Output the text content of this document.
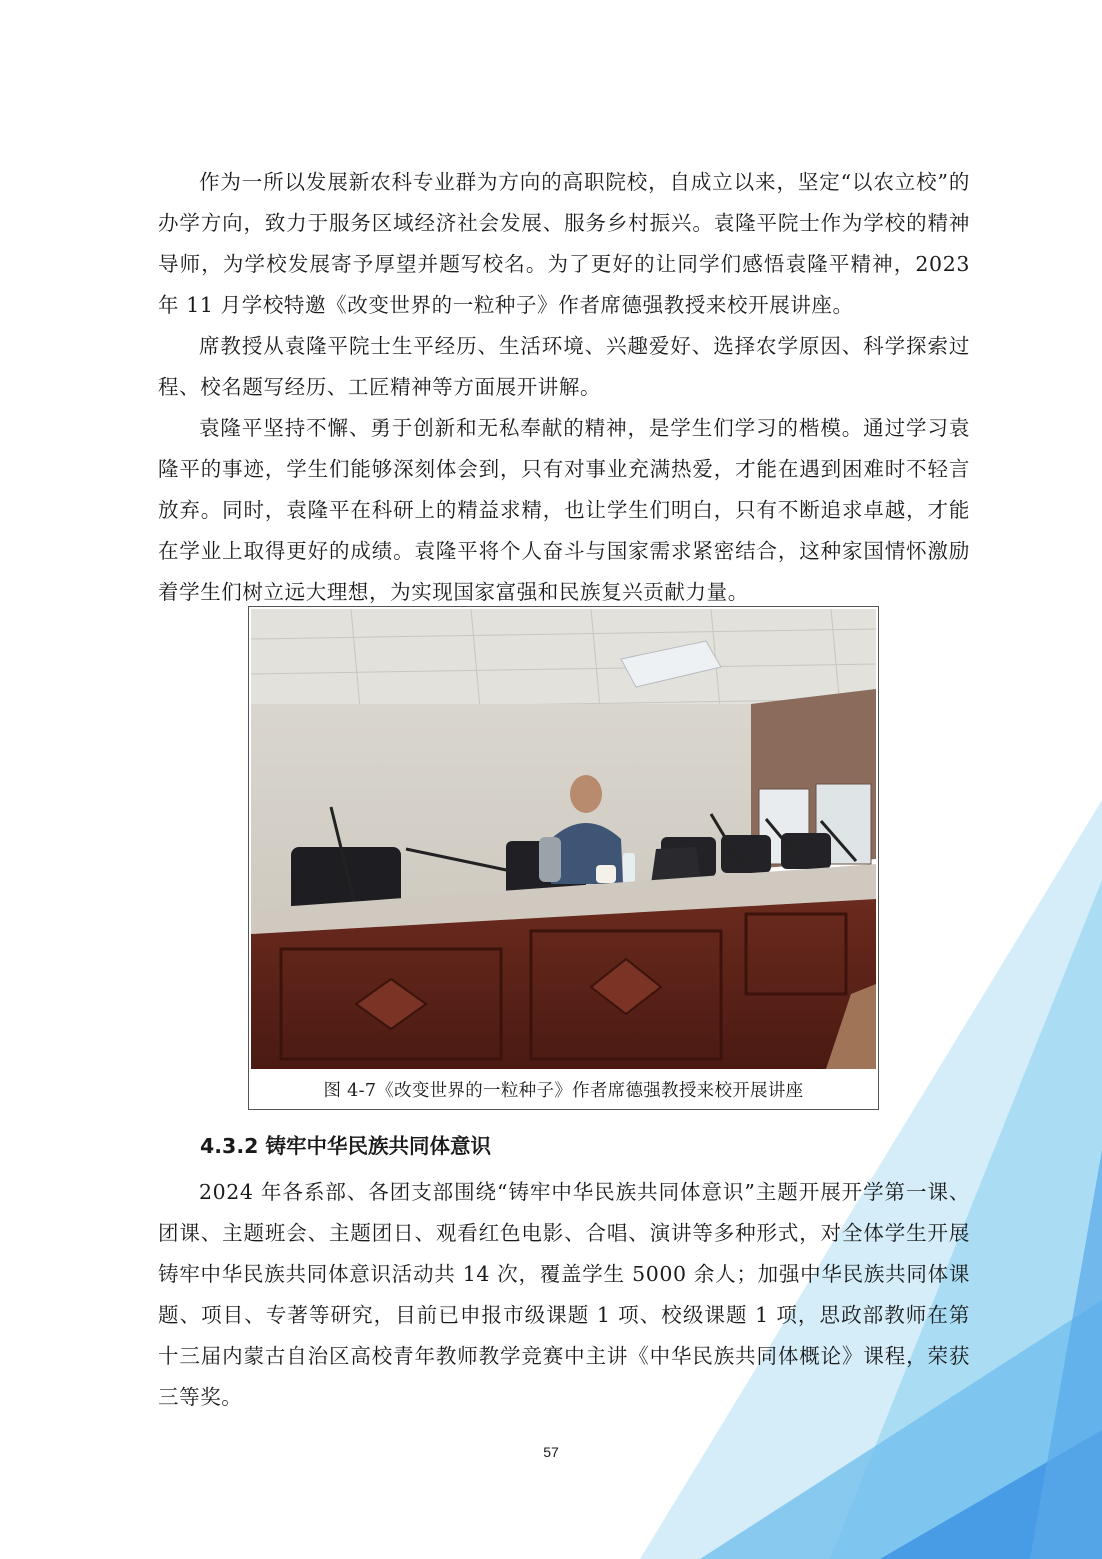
作为一所以发展新农科专业群为方向的高职院校，自成立以来，坚定“以农立校”的办学方向，致力于服务区域经济社会发展、服务乡村振兴。袁隆平院士作为学校的精神导师，为学校发展寄予厚望并题写校名。为了更好的让同学们感悟袁隆平精神，2023 年 11 月学校特邀《改变世界的一粒种子》作者席德强教授来校开展讲座。

席教授从袁隆平院士生平经历、生活环境、兴趣爱好、选择农学原因、科学探索过程、校名题写经历、工匠精神等方面展开讲解。

袁隆平坚持不懈、勇于创新和无私奉献的精神，是学生们学习的楷模。通过学习袁隆平的事迹，学生们能够深刻体会到，只有对事业充满热爱，才能在遇到困难时不轻言放弃。同时，袁隆平在科研上的精益求精，也让学生们明白，只有不断追求卓越，才能在学业上取得更好的成绩。袁隆平将个人奋斗与国家需求紧密结合，这种家国情怀激励着学生们树立远大理想，为实现国家富强和民族复兴贡献力量。

图 4-7《改变世界的一粒种子》作者席德强教授来校开展讲座
4.3.2 铸牢中华民族共同体意识

2024 年各系部、各团支部围绕“铸牢中华民族共同体意识”主题开展开学第一课、团课、主题班会、主题团日、观看红色电影、合唱、演讲等多种形式，对全体学生开展铸牢中华民族共同体意识活动共 14 次，覆盖学生 5000 余人；加强中华民族共同体课题、项目、专著等研究，目前已申报市级课题 1 项、校级课题 1 项，思政部教师在第十三届内蒙古自治区高校青年教师教学竞赛中主讲《中华民族共同体概论》课程，荣获三等奖。

57
